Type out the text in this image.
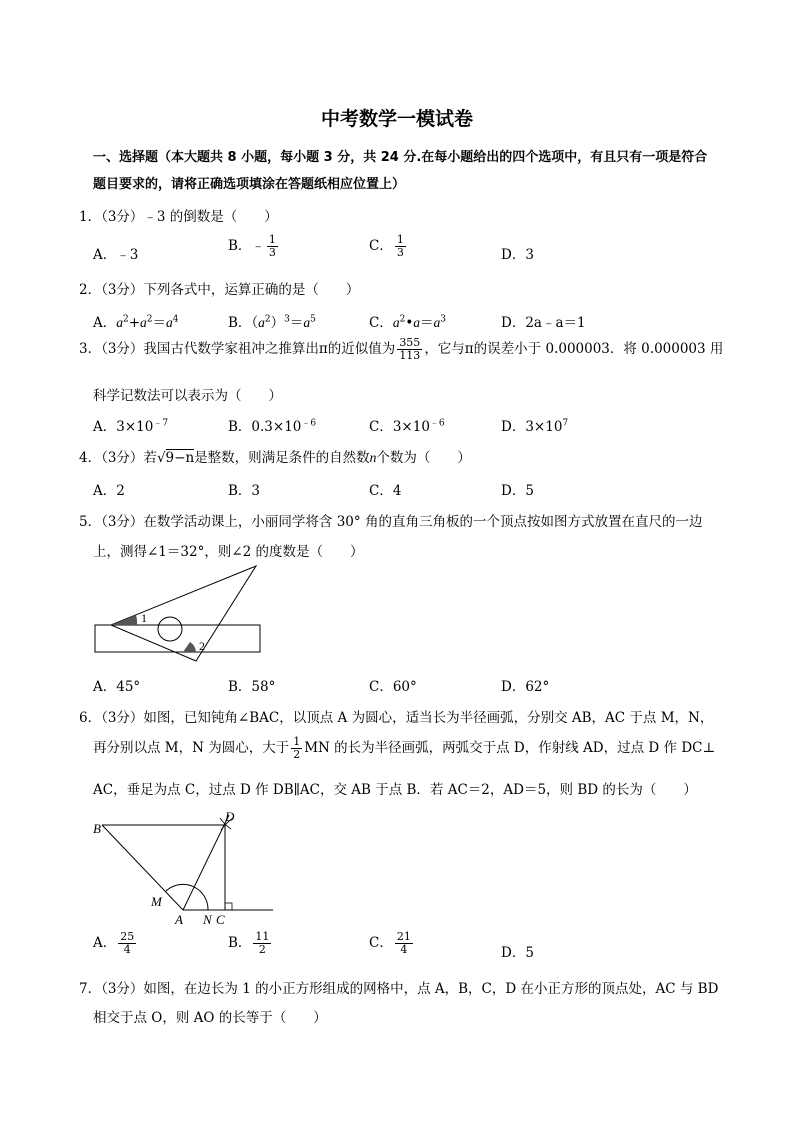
中考数学一模试卷
一、选择题（本大题共 8 小题，每小题 3 分，共 24 分.在每小题给出的四个选项中，有且只有一项是符合
题目要求的，请将正确选项填涂在答题纸相应位置上）
1．（3分）﹣3 的倒数是（　　）
A．﹣3
B．﹣ $\frac{1}{3}$	C． $\frac{1}{3}$	D．3
2．（3分）下列各式中，运算正确的是（　　）
A．$a^2+a^2=a^4$	B．$(a^2)^3=a^5$	C．$a^2•a=a^3$	D．2a﹣a＝1
3．（3分）我国古代数学家祖冲之推算出π的近似值为 $\frac{355}{113}$ ，它与π的误差小于 0.000003．将 0.000003 用
科学记数法可以表示为（　　）
A．$3\times 10^{﹣7}$	B．$0.3\times 10^{﹣6}$	C．$3\times 10^{﹣6}$	D．$3\times 10^7$
4．（3分）若√9−n是整数，则满足条件的自然数n个数为（　　）
A．2	B．3	C．4	D．5
5．（3分）在数学活动课上，小丽同学将含 30° 角的直角三角板的一个顶点按如图方式放置在直尺的一边
上，测得∠1＝32°，则∠2 的度数是（　　）
1
2
A．45°	B．58°	C．60°	D．62°
6．（3分）如图，已知钝角∠BAC，以顶点 A 为圆心，适当长为半径画弧，分别交 AB，AC 于点 M，N，
再分别以点 M，N 为圆心，大于 $\frac{1}{2}$ MN 的长为半径画弧，两弧交于点 D，作射线 AD，过点 D 作 DC⊥
AC，垂足为点 C，过点 D 作 DB∥AC，交 AB 于点 B．若 AC＝2，AD＝5，则 BD 的长为（　　）
B
D
M
A N C
A． $\frac{25}{4}$	B． $\frac{11}{2}$	C． $\frac{21}{4}$	D．5
7．（3分）如图，在边长为 1 的小正方形组成的网格中，点 A，B，C，D 在小正方形的顶点处，AC 与 BD
相交于点 O，则 AO 的长等于（　　）
